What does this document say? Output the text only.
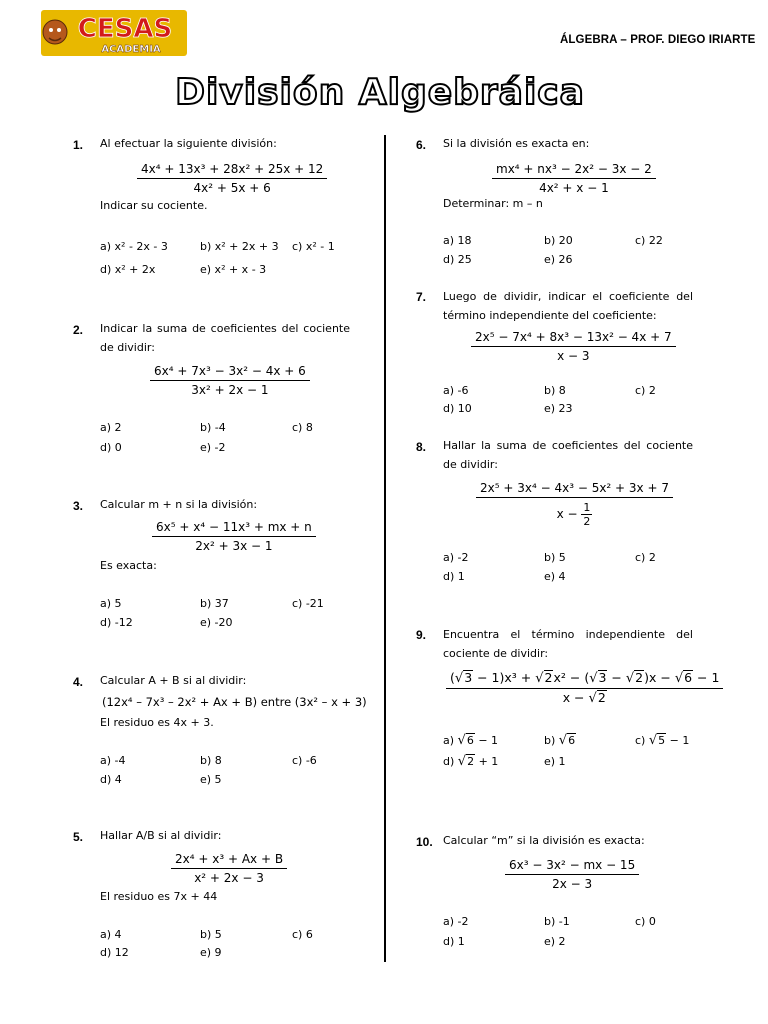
CESAS
ACADEMIA
ÁLGEBRA – PROF. DIEGO IRIARTE
División Algebráica
1. Al efectuar la siguiente división:
$\frac{\text{4x⁴ + 13x³ + 28x² + 25x + 12}}{\text{4x² + 5x + 6}}$
Indicar su cociente.
a) x² - 2x - 3	b) x² + 2x + 3 c) x² - 1
d) x² + 2x	e) x² + x - 3
2. Indicar la suma de coeficientes del cociente de dividir:
$\frac{\text{6x⁴ + 7x³ − 3x² − 4x + 6}}{\text{3x² + 2x − 1}}$
a) 2	b) -4	c) 8
d) 0	e) -2
3. Calcular m + n si la división:
$\frac{\text{6x⁵ + x⁴ − 11x³ + mx + n}}{\text{2x² + 3x − 1}}$
Es exacta:
a) 5	b) 37	c) -21
d) -12	e) -20
4. Calcular A + B si al dividir:
(12x⁴ – 7x³ – 2x² + Ax + B) entre (3x² – x + 3)
El residuo es 4x + 3.
a) -4	b) 8	c) -6
d) 4	e) 5
5. Hallar A/B si al dividir:
$\frac{\text{2x⁴ + x³ + Ax + B}}{\text{x² + 2x − 3}}$
El residuo es 7x + 44
a) 4	b) 5	c) 6
d) 12	e) 9
6. Si la división es exacta en:
$\frac{\text{mx⁴ + nx³ − 2x² − 3x − 2}}{\text{4x² + x − 1}}$
Determinar: m – n
a) 18	b) 20	c) 22
d) 25	e) 26
7. Luego de dividir, indicar el coeficiente del término independiente del coeficiente:
$\frac{\text{2x⁵ − 7x⁴ + 8x³ − 13x² − 4x + 7}}{x - 3}$
a) -6	b) 8	c) 2
d) 10	e) 23
8. Hallar la suma de coeficientes del cociente de dividir:
$\frac{\text{2x⁵ + 3x⁴ − 4x³ − 5x² + 3x + 7}}{x - \frac{1}{2}}$
a) -2	b) 5	c) 2
d) 1	e) 4
9. Encuentra el término independiente del cociente de dividir:
$\frac{\text{(√3 − 1)x³ + √2x² − (√3 − √2)x − √6 − 1}}{x - √2}$
a) √6 − 1	b) √6	c) √5 − 1
d) √2 + 1	e) 1
10. Calcular “m” si la división es exacta:
$\frac{\text{6x³ − 3x² − mx − 15}}{2x - 3}$
a) -2	b) -1	c) 0
d) 1	e) 2
